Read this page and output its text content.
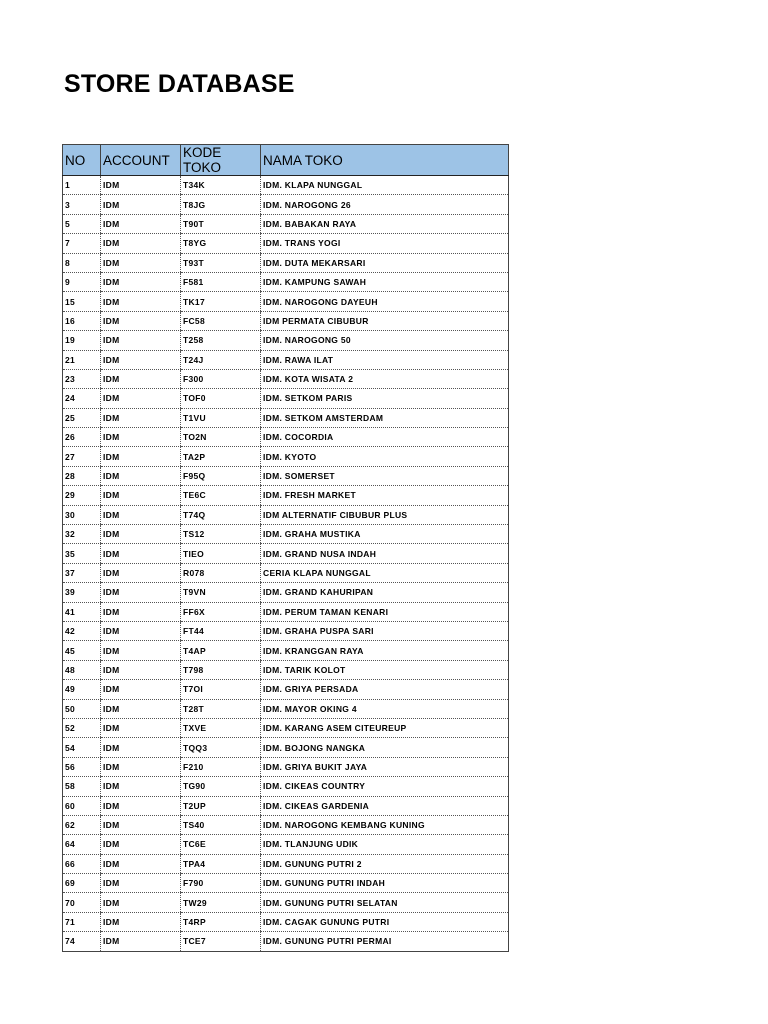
STORE DATABASE
NO	ACCOUNT	KODE TOKO	NAMA TOKO
1	IDM	T34K	IDM. KLAPA NUNGGAL
3	IDM	T8JG	IDM. NAROGONG 26
5	IDM	T90T	IDM. BABAKAN RAYA
7	IDM	T8YG	IDM. TRANS YOGI
8	IDM	T93T	IDM. DUTA MEKARSARI
9	IDM	F581	IDM. KAMPUNG SAWAH
15	IDM	TK17	IDM. NAROGONG DAYEUH
16	IDM	FC58	IDM PERMATA CIBUBUR
19	IDM	T258	IDM. NAROGONG 50
21	IDM	T24J	IDM. RAWA ILAT
23	IDM	F300	IDM. KOTA WISATA 2
24	IDM	TOF0	IDM. SETKOM PARIS
25	IDM	T1VU	IDM. SETKOM AMSTERDAM
26	IDM	TO2N	IDM. COCORDIA
27	IDM	TA2P	IDM. KYOTO
28	IDM	F95Q	IDM. SOMERSET
29	IDM	TE6C	IDM. FRESH MARKET
30	IDM	T74Q	IDM ALTERNATIF CIBUBUR PLUS
32	IDM	TS12	IDM. GRAHA MUSTIKA
35	IDM	TIEO	IDM. GRAND NUSA INDAH
37	IDM	R078	CERIA KLAPA NUNGGAL
39	IDM	T9VN	IDM. GRAND KAHURIPAN
41	IDM	FF6X	IDM. PERUM TAMAN KENARI
42	IDM	FT44	IDM. GRAHA PUSPA SARI
45	IDM	T4AP	IDM. KRANGGAN RAYA
48	IDM	T798	IDM. TARIK KOLOT
49	IDM	T7OI	IDM. GRIYA PERSADA
50	IDM	T28T	IDM. MAYOR OKING 4
52	IDM	TXVE	IDM. KARANG ASEM CITEUREUP
54	IDM	TQQ3	IDM. BOJONG NANGKA
56	IDM	F210	IDM. GRIYA BUKIT JAYA
58	IDM	TG90	IDM. CIKEAS COUNTRY
60	IDM	T2UP	IDM. CIKEAS GARDENIA
62	IDM	TS40	IDM. NAROGONG KEMBANG KUNING
64	IDM	TC6E	IDM. TLANJUNG UDIK
66	IDM	TPA4	IDM. GUNUNG PUTRI 2
69	IDM	F790	IDM. GUNUNG PUTRI INDAH
70	IDM	TW29	IDM. GUNUNG PUTRI SELATAN
71	IDM	T4RP	IDM. CAGAK GUNUNG PUTRI
74	IDM	TCE7	IDM. GUNUNG PUTRI PERMAI
